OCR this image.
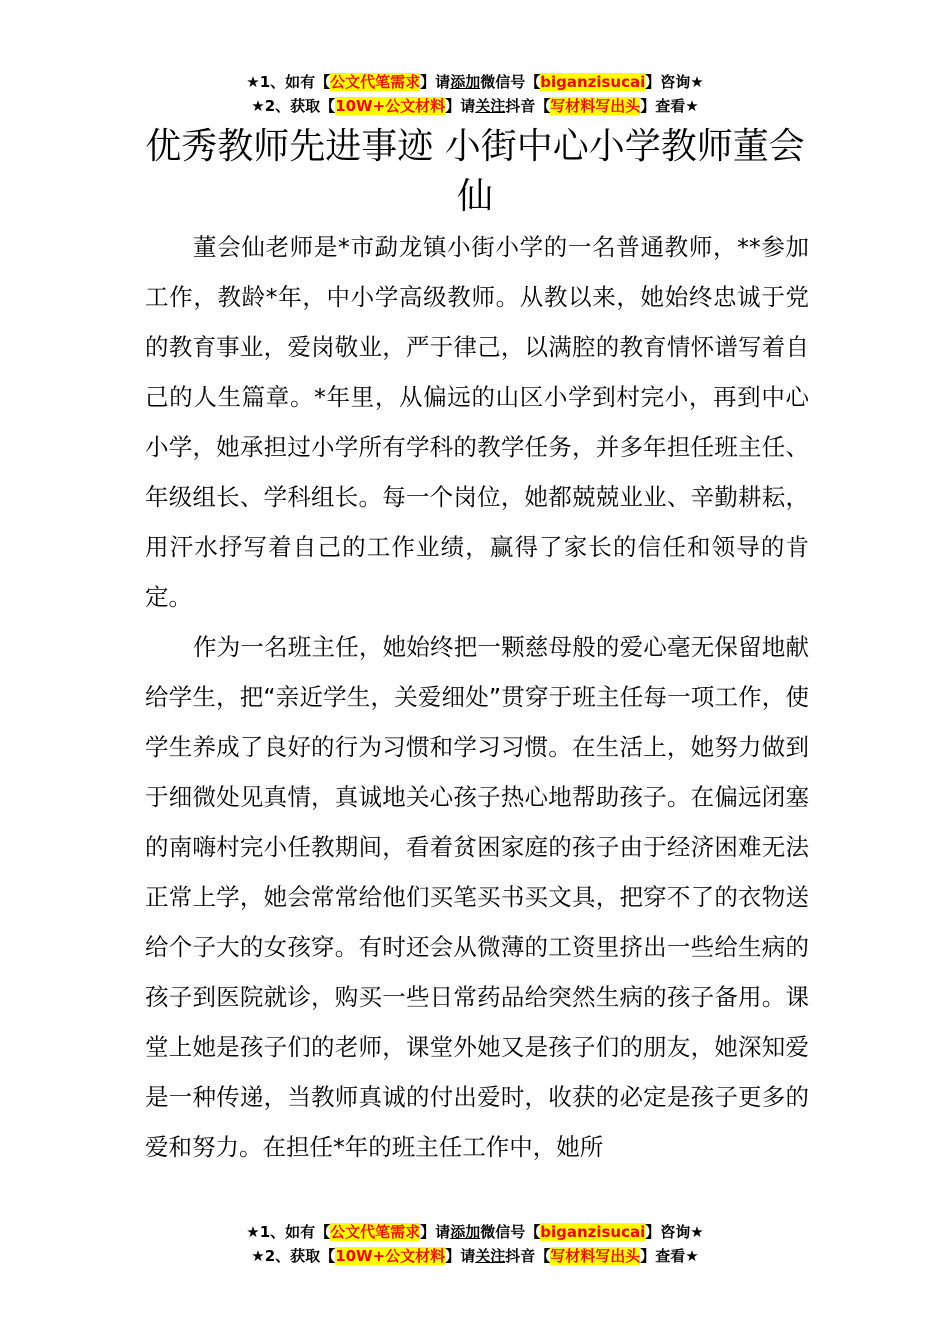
★1、如有【公文代笔需求】请添加微信号【biganzisucai】咨询★
★2、获取【10W+公文材料】请关注抖音【写材料写出头】查看★
优秀教师先进事迹 小街中心小学教师董会仙

董会仙老师是*市勐龙镇小街小学的一名普通教师，**参加工作，教龄*年，中小学高级教师。从教以来，她始终忠诚于党的教育事业，爱岗敬业，严于律己，以满腔的教育情怀谱写着自己的人生篇章。*年里，从偏远的山区小学到村完小，再到中心小学，她承担过小学所有学科的教学任务，并多年担任班主任、年级组长、学科组长。每一个岗位，她都兢兢业业、辛勤耕耘，用汗水抒写着自己的工作业绩，赢得了家长的信任和领导的肯定。

作为一名班主任，她始终把一颗慈母般的爱心毫无保留地献给学生，把“亲近学生，关爱细处”贯穿于班主任每一项工作，使学生养成了良好的行为习惯和学习习惯。在生活上，她努力做到于细微处见真情，真诚地关心孩子热心地帮助孩子。在偏远闭塞的南嗨村完小任教期间，看着贫困家庭的孩子由于经济困难无法正常上学，她会常常给他们买笔买书买文具，把穿不了的衣物送给个子大的女孩穿。有时还会从微薄的工资里挤出一些给生病的孩子到医院就诊，购买一些日常药品给突然生病的孩子备用。课堂上她是孩子们的老师，课堂外她又是孩子们的朋友，她深知爱是一种传递，当教师真诚的付出爱时，收获的必定是孩子更多的爱和努力。在担任*年的班主任工作中，她所

★1、如有【公文代笔需求】请添加微信号【biganzisucai】咨询★
★2、获取【10W+公文材料】请关注抖音【写材料写出头】查看★
